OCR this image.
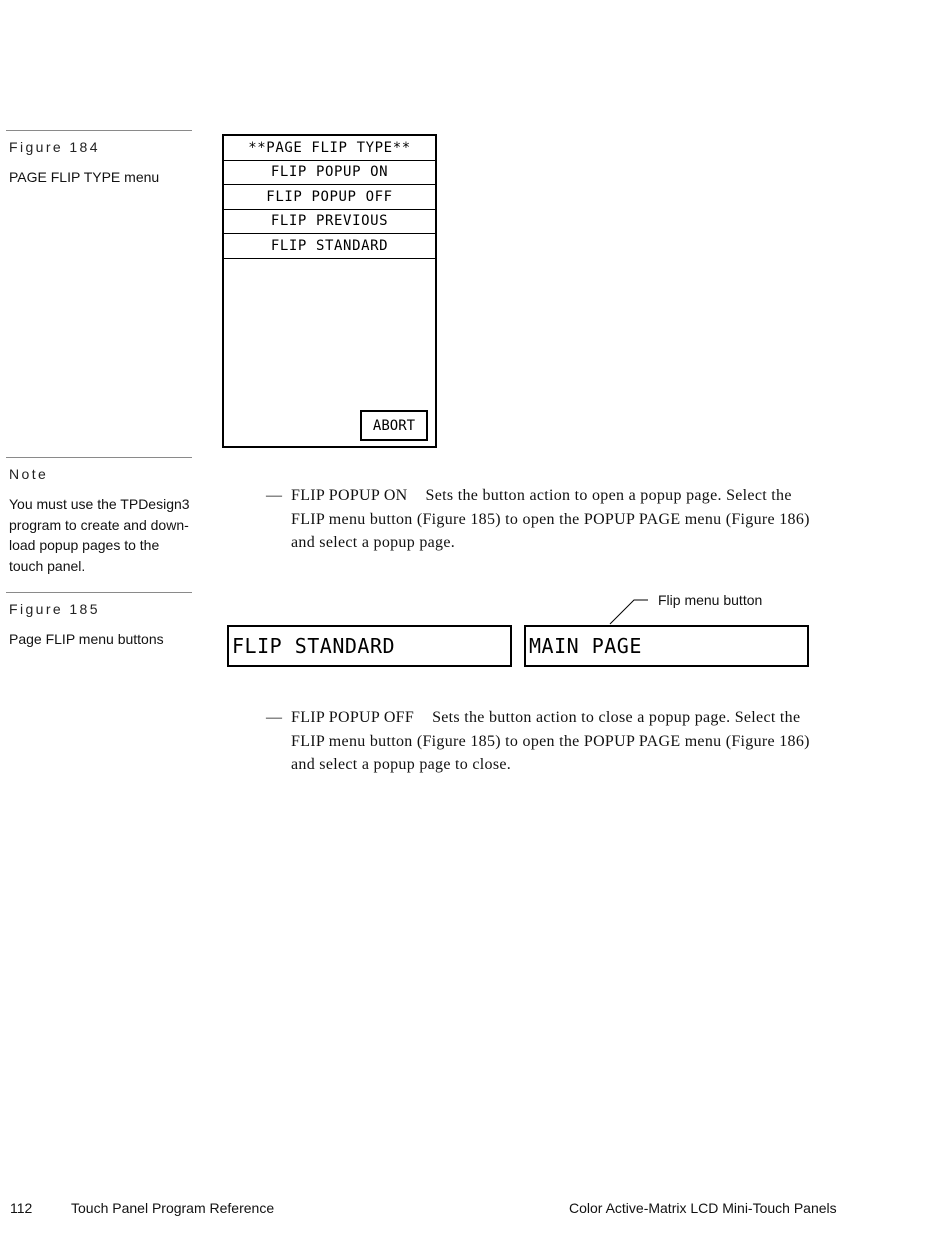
Figure 184
PAGE FLIP TYPE menu
Note
You must use the TPDesign3 program to create and down-load popup pages to the touch panel.
Figure 185
Page FLIP menu buttons
**PAGE FLIP TYPE**
FLIP POPUP ON
FLIP POPUP OFF
FLIP PREVIOUS
FLIP STANDARD
ABORT
— FLIP POPUP ON Sets the button action to open a popup page. Select the FLIP menu button (Figure 185) to open the POPUP PAGE menu (Figure 186) and select a popup page.
Flip menu button
FLIP STANDARD	MAIN PAGE
— FLIP POPUP OFF Sets the button action to close a popup page. Select the FLIP menu button (Figure 185) to open the POPUP PAGE menu (Figure 186) and select a popup page to close.
112	Touch Panel Program Reference	Color Active-Matrix LCD Mini-Touch Panels
